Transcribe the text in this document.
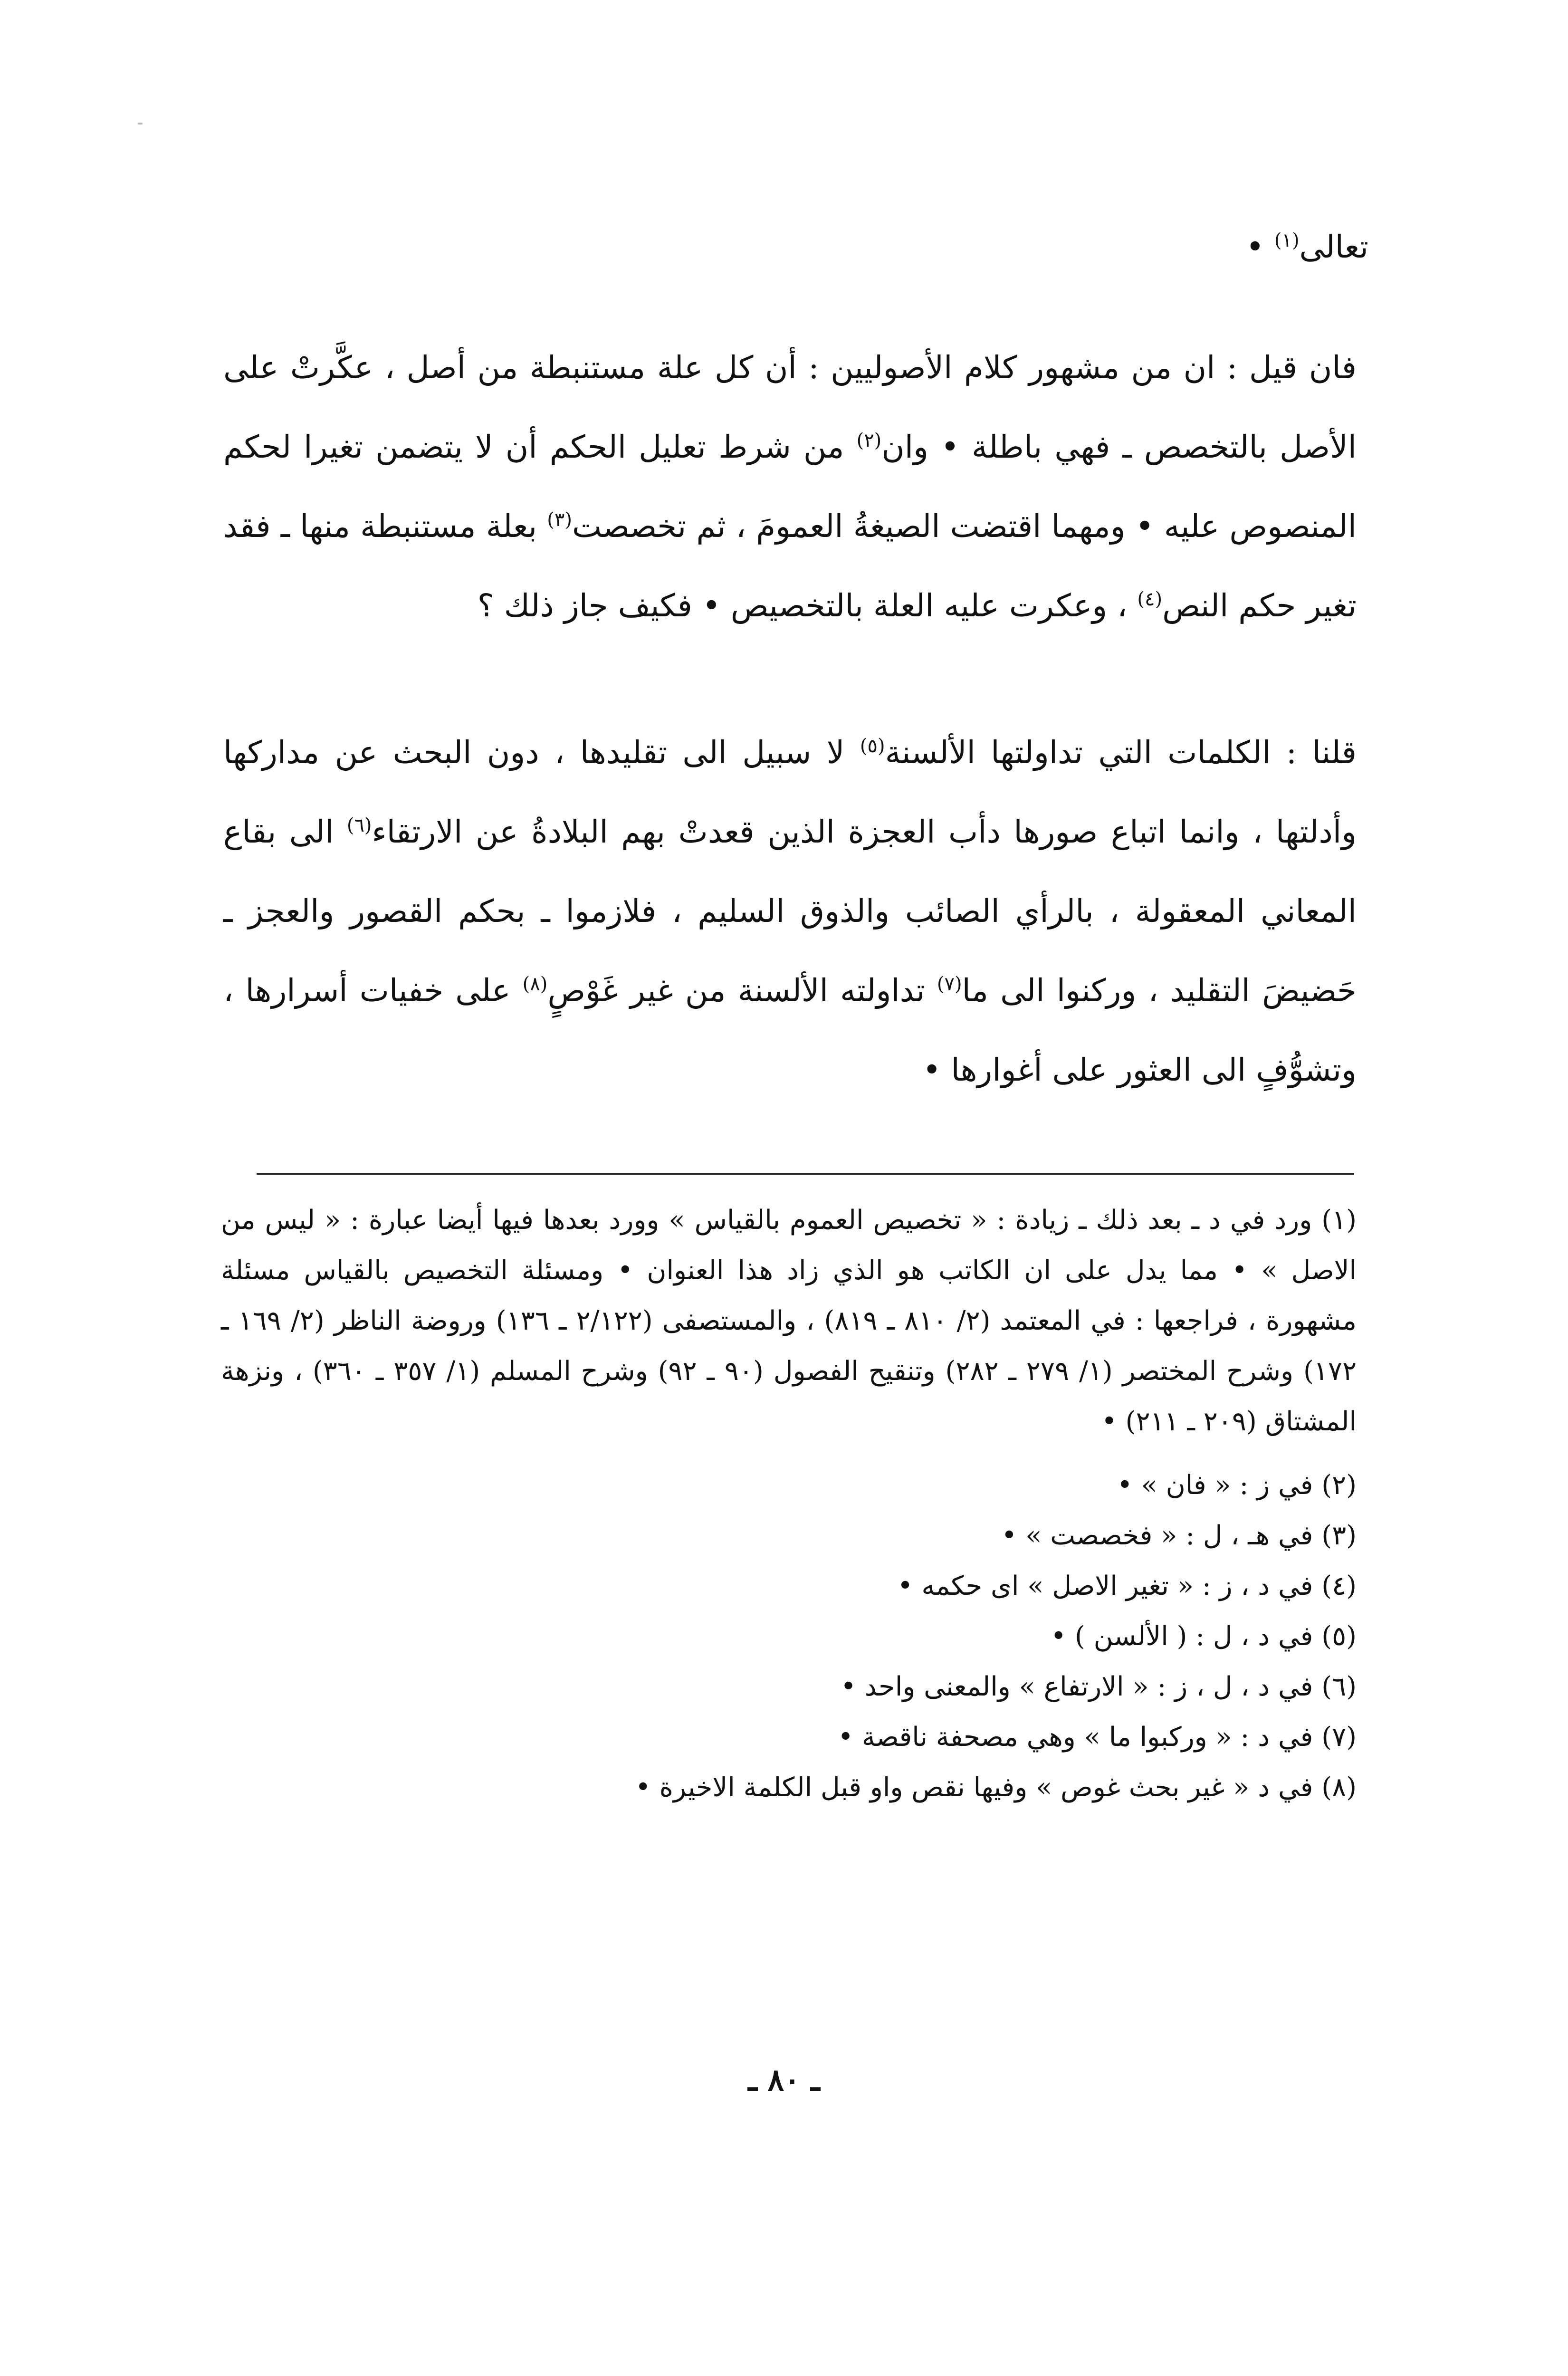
تعالى$^{(١)}$ •

فان قيل : ان من مشهور كلام الأصوليين : أن كل علة مستنبطة من أصل ، عكَّرتْ على الأصل بالتخصص ـ فهي باطلة • وان$^{(٢)}$ من شرط تعليل الحكم أن لا يتضمن تغيرا لحكم المنصوص عليه • ومهما اقتضت الصيغةُ العمومَ ، ثم تخصصت$^{(٣)}$ بعلة مستنبطة منها ـ فقد تغير حكم النص$^{(٤)}$ ، وعكرت عليه العلة بالتخصيص • فكيف جاز ذلك ؟

قلنا : الكلمات التي تداولتها الألسنة$^{(٥)}$ لا سبيل الى تقليدها ، دون البحث عن مداركها وأدلتها ، وانما اتباع صورها دأب العجزة الذين قعدتْ بهم البلادةُ عن الارتقاء$^{(٦)}$ الى بقاع المعاني المعقولة ، بالرأي الصائب والذوق السليم ، فلازموا ـ بحكم القصور والعجز ـ حَضيضَ التقليد ، وركنوا الى ما$^{(٧)}$ تداولته الألسنة من غير غَوْصٍ$^{(٨)}$ على خفيات أسرارها ، وتشوُّفٍ الى العثور على أغوارها •

(١) ورد في د ـ بعد ذلك ـ زيادة : « تخصيص العموم بالقياس » وورد بعدها فيها أيضا عبارة : « ليس من الاصل » • مما يدل على ان الكاتب هو الذي زاد هذا العنوان • ومسئلة التخصيص بالقياس مسئلة مشهورة ، فراجعها : في المعتمد (٢/ ٨١٠ ـ ٨١٩) ، والمستصفى (٢/١٢٢ ـ ١٣٦) وروضة الناظر (٢/ ١٦٩ ـ ١٧٢) وشرح المختصر (١/ ٢٧٩ ـ ٢٨٢) وتنقيح الفصول (٩٠ ـ ٩٢) وشرح المسلم (١/ ٣٥٧ ـ ٣٦٠) ، ونزهة المشتاق (٢٠٩ ـ ٢١١) •

(٢) في ز : « فان » •

(٣) في هـ ، ل : « فخصصت » •

(٤) في د ، ز : « تغير الاصل » اى حكمه •

(٥) في د ، ل : ( الألسن ) •

(٦) في د ، ل ، ز : « الارتفاع » والمعنى واحد •

(٧) في د : « وركبوا ما » وهي مصحفة ناقصة •

(٨) في د « غير بحث غوص » وفيها نقص واو قبل الكلمة الاخيرة •

ـ ٨٠ ـ
